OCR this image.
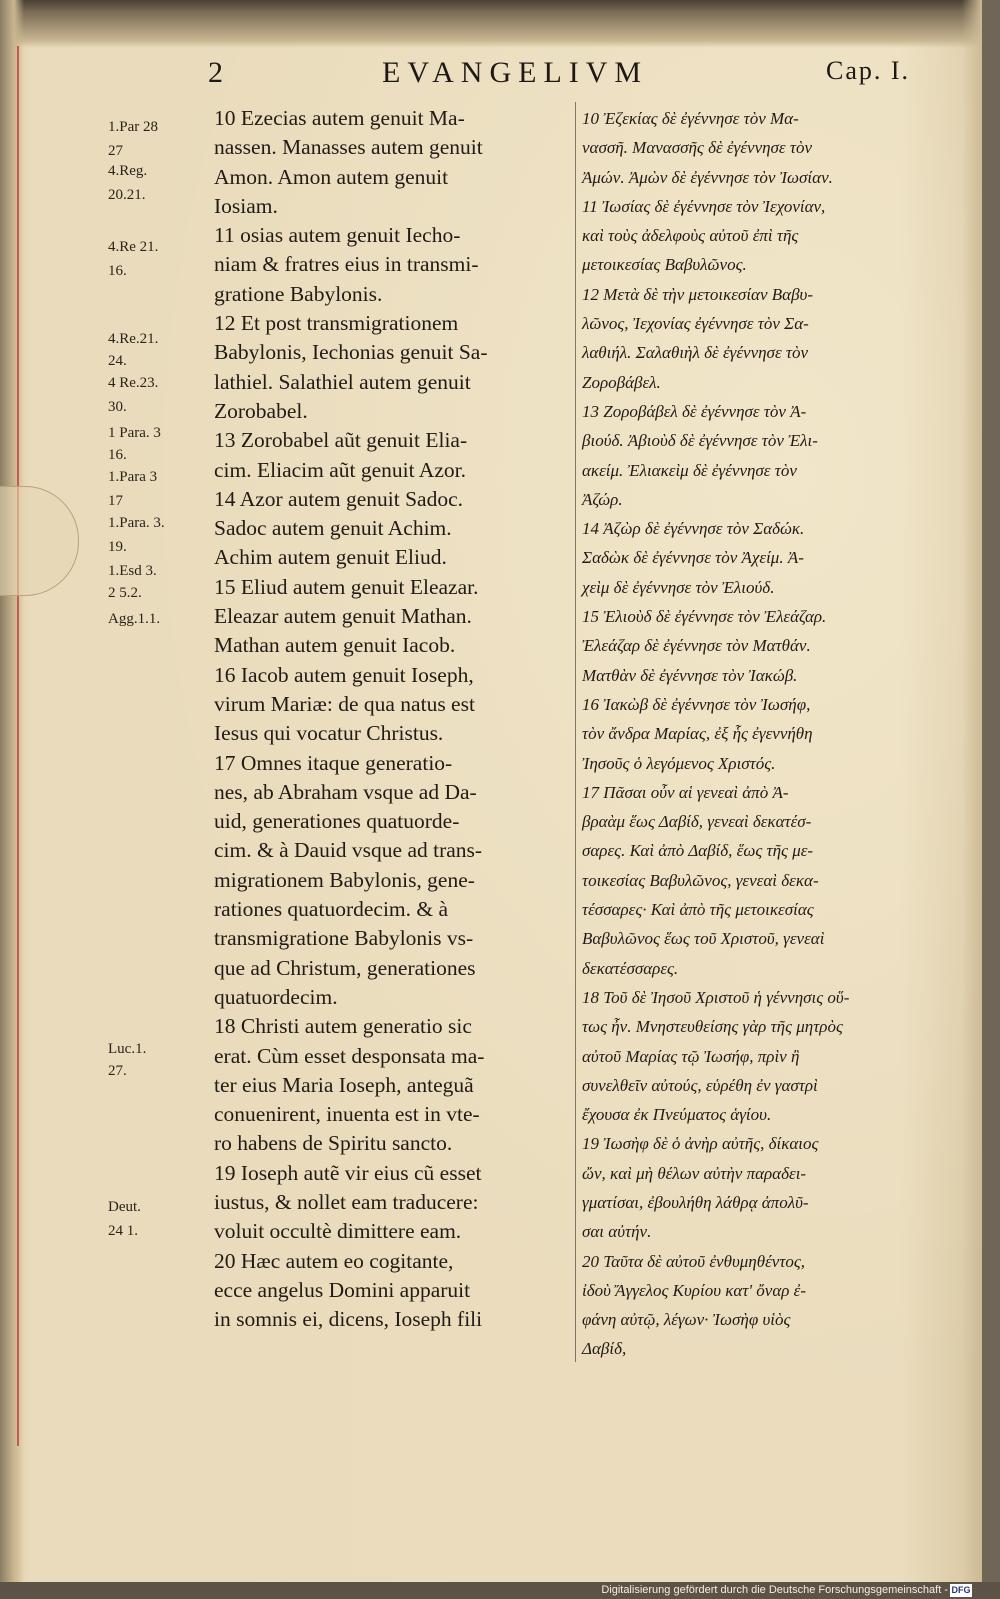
2	EVANGELIVM	Cap. I.
10 Ezecias autem genuit Ma-
nassen. Manasses autem genuit
Amon. Amon autem genuit
Iosiam.
11 osias autem genuit Iecho-
niam & fratres eius in transmi-
gratione Babylonis.
12 Et post transmigrationem
Babylonis, Iechonias genuit Sa-
lathiel. Salathiel autem genuit
Zorobabel.
13 Zorobabel aũt genuit Elia-
cim. Eliacim aũt genuit Azor.
14 Azor autem genuit Sadoc.
Sadoc autem genuit Achim.
Achim autem genuit Eliud.
15 Eliud autem genuit Eleazar.
Eleazar autem genuit Mathan.
Mathan autem genuit Iacob.
16 Iacob autem genuit Ioseph,
virum Mariæ: de qua natus est
Iesus qui vocatur Christus.
17 Omnes itaque generatio-
nes, ab Abraham vsque ad Da-
uid, generationes quatuorde-
cim. & à Dauid vsque ad trans-
migrationem Babylonis, gene-
rationes quatuordecim. & à
transmigratione Babylonis vs-
que ad Christum, generationes
quatuordecim.
18 Christi autem generatio sic
erat. Cùm esset desponsata ma-
ter eius Maria Ioseph, anteguã
conuenirent, inuenta est in vte-
ro habens de Spiritu sancto.
19 Ioseph autẽ vir eius cũ esset
iustus, & nollet eam traducere:
voluit occultè dimittere eam.
20 Hæc autem eo cogitante,
ecce angelus Domini apparuit
in somnis ei, dicens, Ioseph fili
10 Ἐζεκίας δὲ ἐγέννησε τὸν Μα-
νασσῆ. Μανασσῆς δὲ ἐγέννησε τὸν
Ἀμών. Ἀμὼν δὲ ἐγέννησε τὸν Ἰωσίαν.
11 Ἰωσίας δὲ ἐγέννησε τὸν Ἰεχονίαν,
καὶ τοὺς ἀδελφοὺς αὐτοῦ ἐπὶ τῆς
μετοικεσίας Βαβυλῶνος.
12 Μετὰ δὲ τὴν μετοικεσίαν Βαβυ-
λῶνος, Ἰεχονίας ἐγέννησε τὸν Σα-
λαθιήλ. Σαλαθιὴλ δὲ ἐγέννησε τὸν
Ζοροβάβελ.
13 Ζοροβάβελ δὲ ἐγέννησε τὸν Ἀ-
βιούδ. Ἀβιοὺδ δὲ ἐγέννησε τὸν Ἐλι-
ακείμ. Ἐλιακεὶμ δὲ ἐγέννησε τὸν
Ἀζώρ.
14 Ἀζὼρ δὲ ἐγέννησε τὸν Σαδώκ.
Σαδὼκ δὲ ἐγέννησε τὸν Ἀχείμ. Ἀ-
χεὶμ δὲ ἐγέννησε τὸν Ἐλιούδ.
15 Ἐλιοὺδ δὲ ἐγέννησε τὸν Ἐλεάζαρ.
Ἐλεάζαρ δὲ ἐγέννησε τὸν Ματθάν.
Ματθὰν δὲ ἐγέννησε τὸν Ἰακώβ.
16 Ἰακὼβ δὲ ἐγέννησε τὸν Ἰωσήφ,
τὸν ἄνδρα Μαρίας, ἐξ ἧς ἐγεννήθη
Ἰησοῦς ὁ λεγόμενος Χριστός.
17 Πᾶσαι οὖν αἱ γενεαὶ ἀπὸ Ἀ-
βραὰμ ἕως Δαβίδ, γενεαὶ δεκατέσ-
σαρες. Καὶ ἀπὸ Δαβίδ, ἕως τῆς με-
τοικεσίας Βαβυλῶνος, γενεαὶ δεκα-
τέσσαρες· Καὶ ἀπὸ τῆς μετοικεσίας
Βαβυλῶνος ἕως τοῦ Χριστοῦ, γενεαὶ
δεκατέσσαρες.
18 Τοῦ δὲ Ἰησοῦ Χριστοῦ ἡ γέννησις οὕ-
τως ἦν. Μνηστευθείσης γὰρ τῆς μητρὸς
αὐτοῦ Μαρίας τῷ Ἰωσήφ, πρὶν ἢ
συνελθεῖν αὐτούς, εὑρέθη ἐν γαστρὶ
ἔχουσα ἐκ Πνεύματος ἁγίου.
19 Ἰωσὴφ δὲ ὁ ἀνὴρ αὐτῆς, δίκαιος
ὤν, καὶ μὴ θέλων αὐτὴν παραδει-
γματίσαι, ἐβουλήθη λάθρᾳ ἀπολῦ-
σαι αὐτήν.
20 Ταῦτα δὲ αὐτοῦ ἐνθυμηθέντος,
ἰδοὺ Ἄγγελος Κυρίου κατ' ὄναρ ἐ-
φάνη αὐτῷ, λέγων· Ἰωσὴφ υἱὸς
Δαβίδ,
1.Par 28
27
4.Reg.
20.21.
4.Re 21.
16.
4.Re.21.
24.
4 Re.23.
30.
1 Para. 3
16.
1.Para 3
17
1.Para. 3.
19.
1.Esd 3.
2 5.2.
Agg.1.1.
Luc.1.
27.
Deut.
24 1.
Digitalisierung gefördert durch die Deutsche Forschungsgemeinschaft - DFG
